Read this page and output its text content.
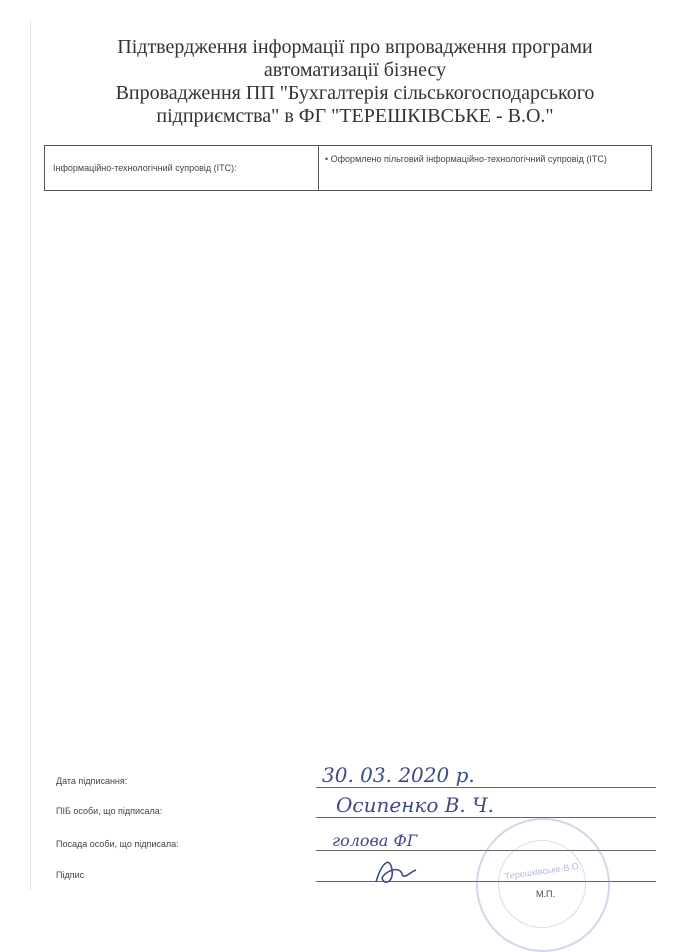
Підтвердження інформації про впровадження програми
автоматизації бізнесу
Впровадження ПП "Бухгалтерія сільськогосподарського
підприємства" в ФГ "ТЕРЕШКІВСЬКЕ - В.О."
Інформаційно-технологічний супровід (ІТС):
• Оформлено пільговий інформаційно-технологічний супровід (ІТС)
Дата підписання:	30. 03. 2020 р.
ПІБ особи, що підписала:	Осипенко В. Ч.
Посада особи, що підписала:	голова ФГ
Підпис	Терешківське-В.О.
М.П.
